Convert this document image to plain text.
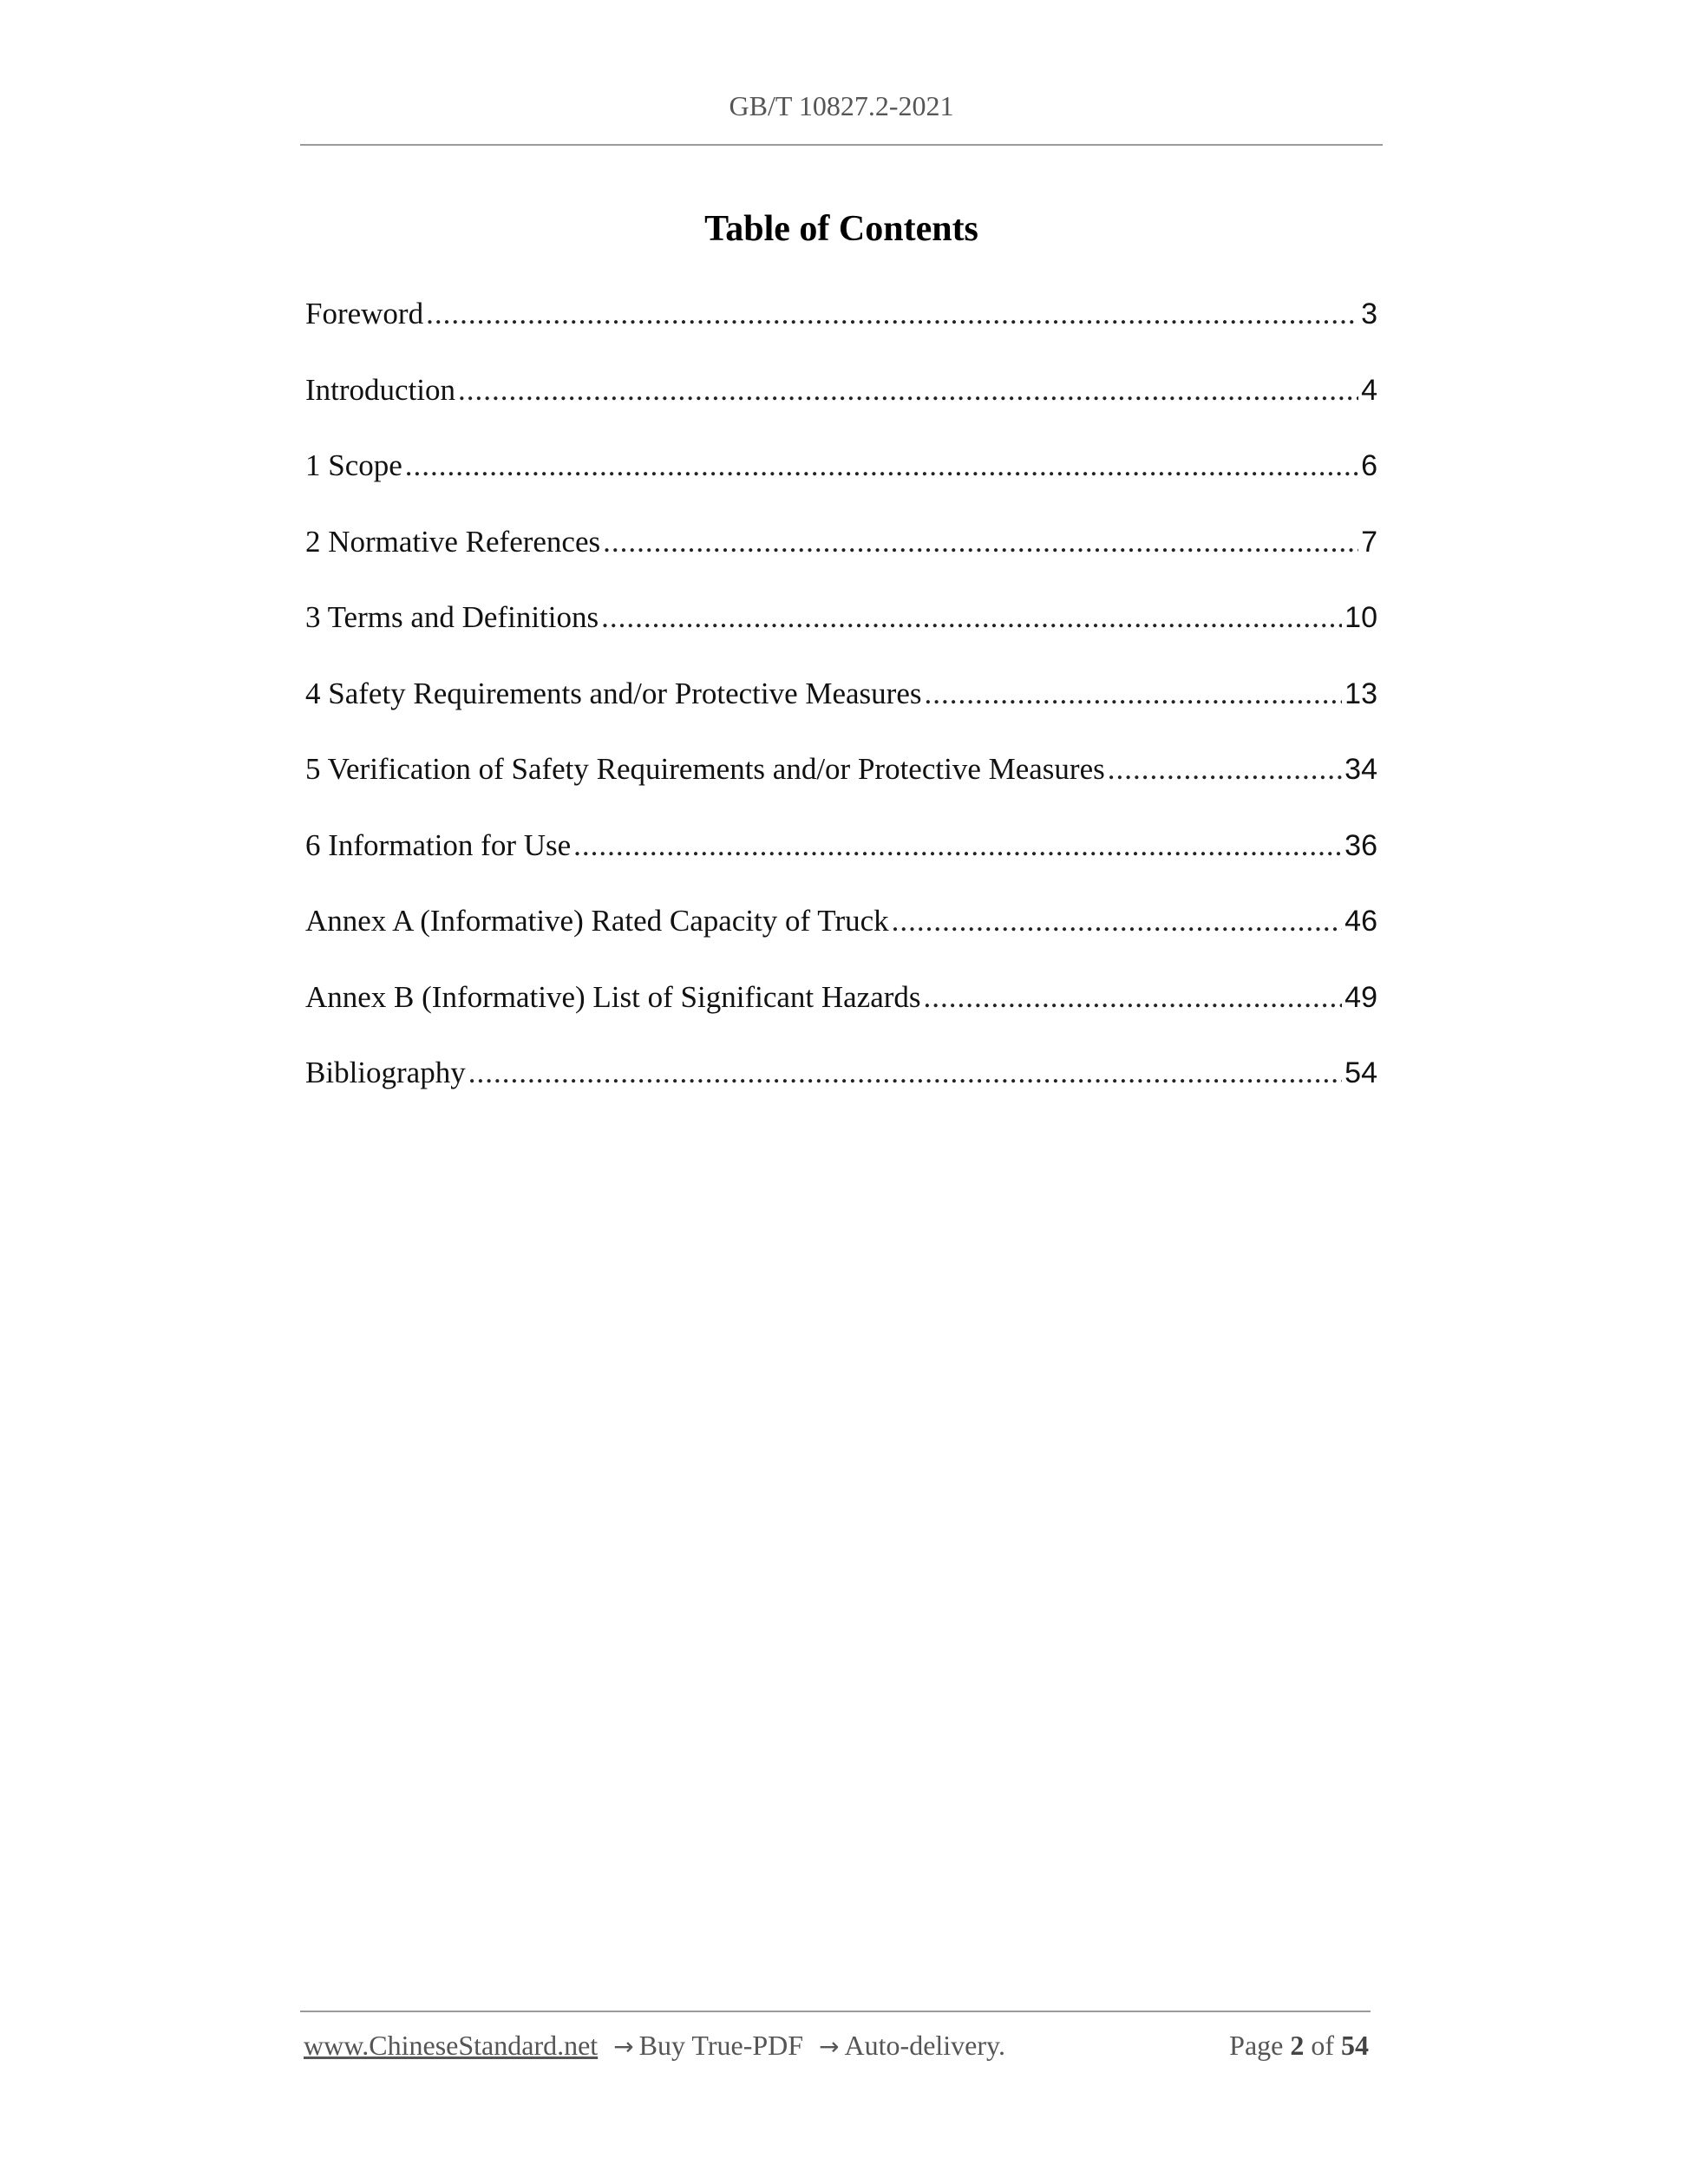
GB/T 10827.2-2021
Table of Contents
Foreword .....	3
Introduction .....	4
1 Scope .....	6
2 Normative References .....	7
3 Terms and Definitions .....	10
4 Safety Requirements and/or Protective Measures .....	13
5 Verification of Safety Requirements and/or Protective Measures .....	34
6 Information for Use .....	36
Annex A (Informative) Rated Capacity of Truck .....	46
Annex B (Informative) List of Significant Hazards .....	49
Bibliography .....	54
www.ChineseStandard.net → Buy True-PDF → Auto-delivery.	Page 2 of 54
